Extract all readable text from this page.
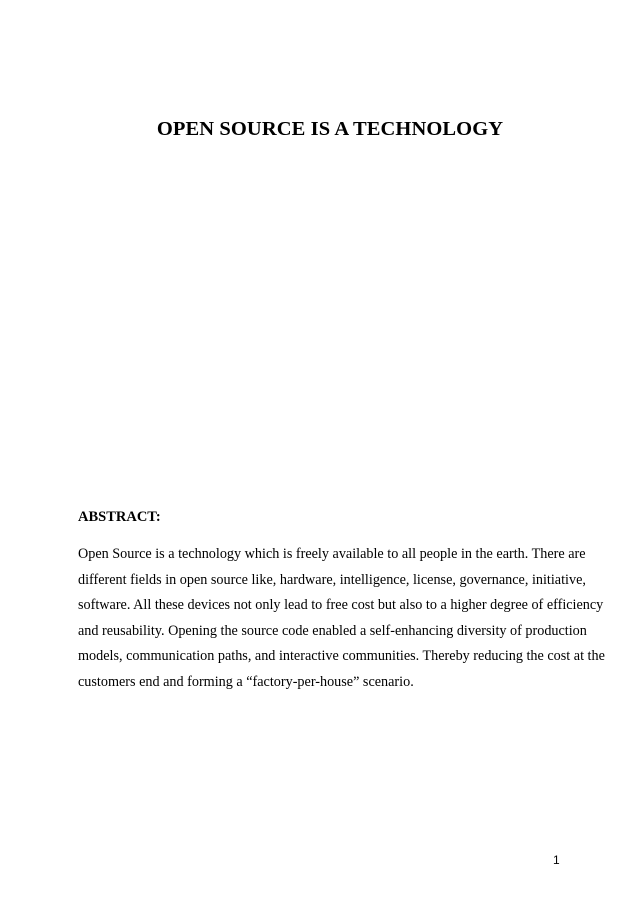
OPEN SOURCE IS A TECHNOLOGY
ABSTRACT:

Open Source is a technology which is freely available to all people in the earth. There are
different fields in open source like, hardware, intelligence, license, governance, initiative,
software. All these devices not only lead to free cost but also to a higher degree of efficiency
and reusability. Opening the source code enabled a self-enhancing diversity of production
models, communication paths, and interactive communities. Thereby reducing the cost at the
customers end and forming a “factory-per-house” scenario.

1
